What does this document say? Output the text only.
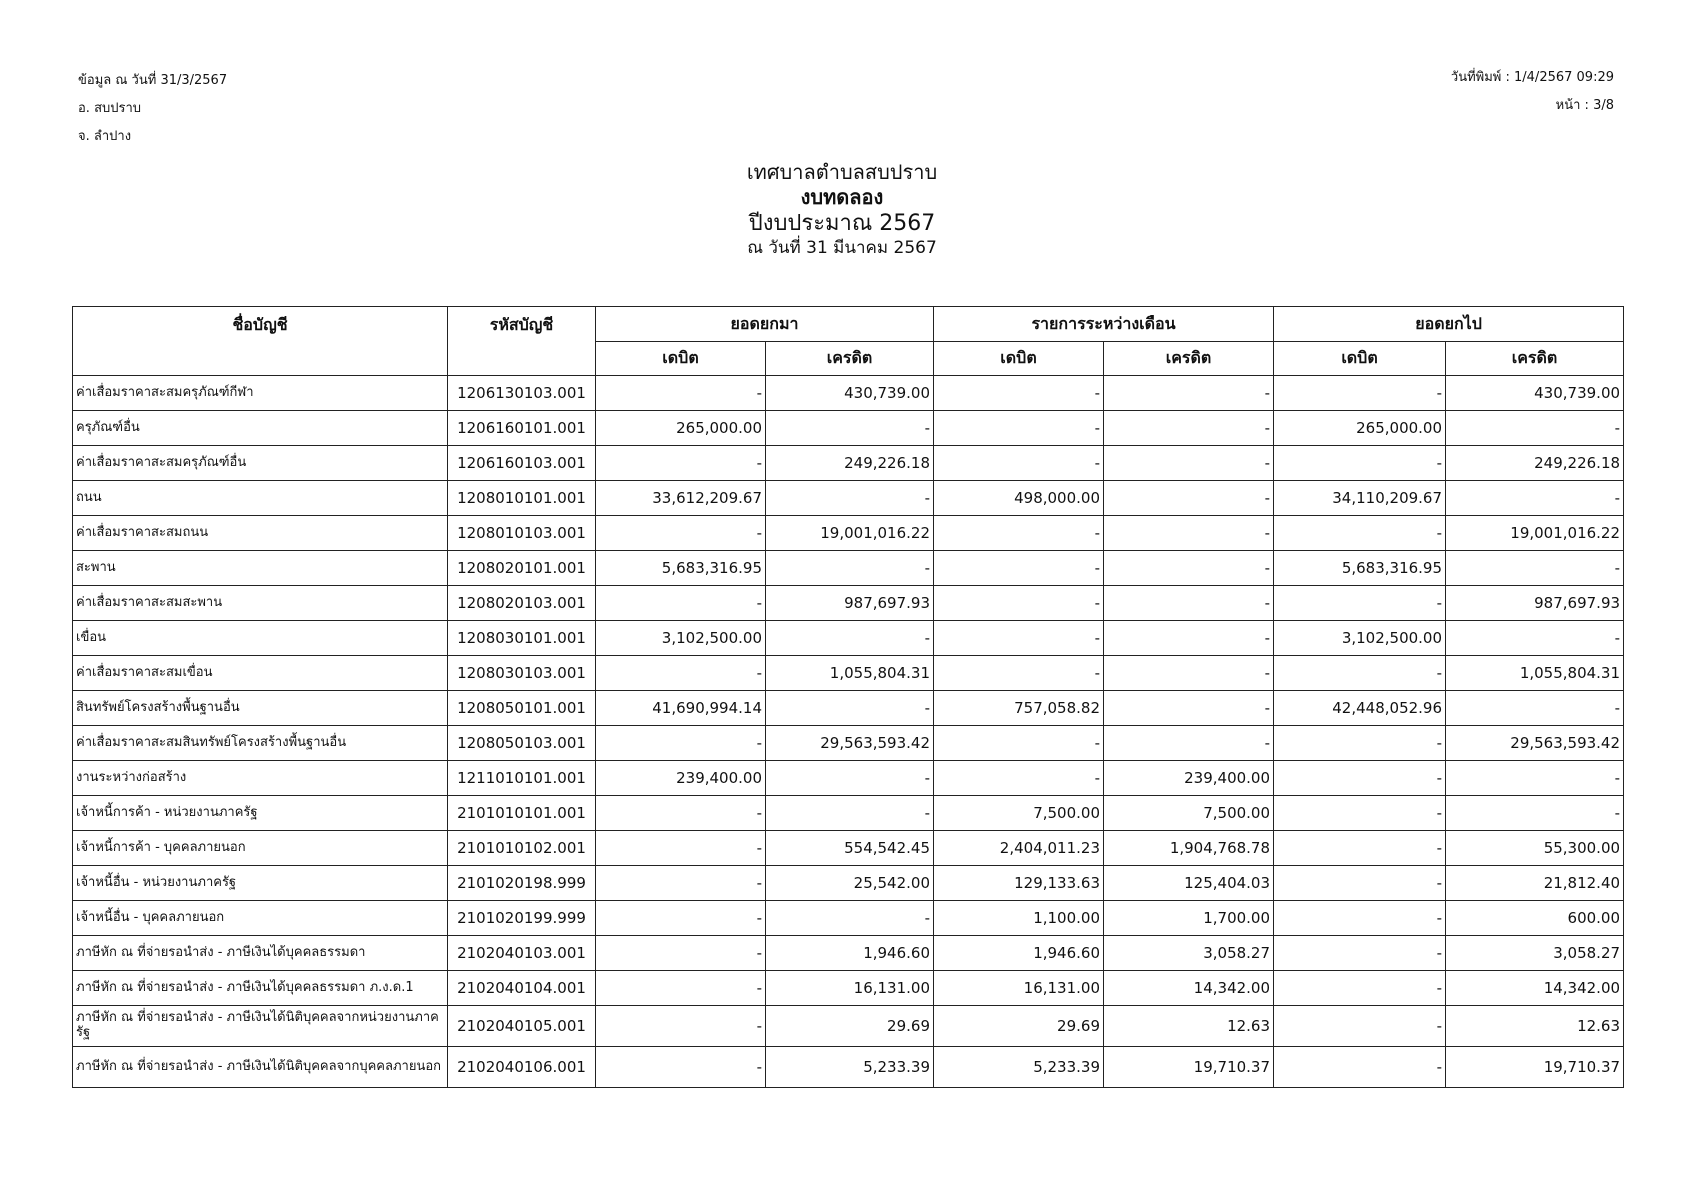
ข้อมูล ณ วันที่ 31/3/2567
อ. สบปราบ
จ. ลำปาง
วันที่พิมพ์ : 1/4/2567 09:29
หน้า : 3/8
เทศบาลตำบลสบปราบ
งบทดลอง
ปีงบประมาณ 2567
ณ วันที่ 31 มีนาคม 2567
ชื่อบัญชี	รหัสบัญชี	ยอดยกมา		รายการระหว่างเดือน		ยอดยกไป	
		เดบิต	เครดิต	เดบิต	เครดิต	เดบิต	เครดิต
ค่าเสื่อมราคาสะสมครุภัณฑ์กีฬา	1206130103.001	-	430,739.00	-	-	-	430,739.00
ครุภัณฑ์อื่น	1206160101.001	265,000.00	-	-	-	265,000.00	-
ค่าเสื่อมราคาสะสมครุภัณฑ์อื่น	1206160103.001	-	249,226.18	-	-	-	249,226.18
ถนน	1208010101.001	33,612,209.67	-	498,000.00	-	34,110,209.67	-
ค่าเสื่อมราคาสะสมถนน	1208010103.001	-	19,001,016.22	-	-	-	19,001,016.22
สะพาน	1208020101.001	5,683,316.95	-	-	-	5,683,316.95	-
ค่าเสื่อมราคาสะสมสะพาน	1208020103.001	-	987,697.93	-	-	-	987,697.93
เขื่อน	1208030101.001	3,102,500.00	-	-	-	3,102,500.00	-
ค่าเสื่อมราคาสะสมเขื่อน	1208030103.001	-	1,055,804.31	-	-	-	1,055,804.31
สินทรัพย์โครงสร้างพื้นฐานอื่น	1208050101.001	41,690,994.14	-	757,058.82	-	42,448,052.96	-
ค่าเสื่อมราคาสะสมสินทรัพย์โครงสร้างพื้นฐานอื่น	1208050103.001	-	29,563,593.42	-	-	-	29,563,593.42
งานระหว่างก่อสร้าง	1211010101.001	239,400.00	-	-	239,400.00	-	-
เจ้าหนี้การค้า - หน่วยงานภาครัฐ	2101010101.001	-	-	7,500.00	7,500.00	-	-
เจ้าหนี้การค้า - บุคคลภายนอก	2101010102.001	-	554,542.45	2,404,011.23	1,904,768.78	-	55,300.00
เจ้าหนี้อื่น - หน่วยงานภาครัฐ	2101020198.999	-	25,542.00	129,133.63	125,404.03	-	21,812.40
เจ้าหนี้อื่น - บุคคลภายนอก	2101020199.999	-	-	1,100.00	1,700.00	-	600.00
ภาษีหัก ณ ที่จ่ายรอนำส่ง - ภาษีเงินได้บุคคลธรรมดา	2102040103.001	-	1,946.60	1,946.60	3,058.27	-	3,058.27
ภาษีหัก ณ ที่จ่ายรอนำส่ง - ภาษีเงินได้บุคคลธรรมดา ภ.ง.ด.1	2102040104.001	-	16,131.00	16,131.00	14,342.00	-	14,342.00
ภาษีหัก ณ ที่จ่ายรอนำส่ง - ภาษีเงินได้นิติบุคคลจากหน่วยงานภาครัฐ	2102040105.001	-	29.69	29.69	12.63	-	12.63
ภาษีหัก ณ ที่จ่ายรอนำส่ง - ภาษีเงินได้นิติบุคคลจากบุคคลภายนอก	2102040106.001	-	5,233.39	5,233.39	19,710.37	-	19,710.37
